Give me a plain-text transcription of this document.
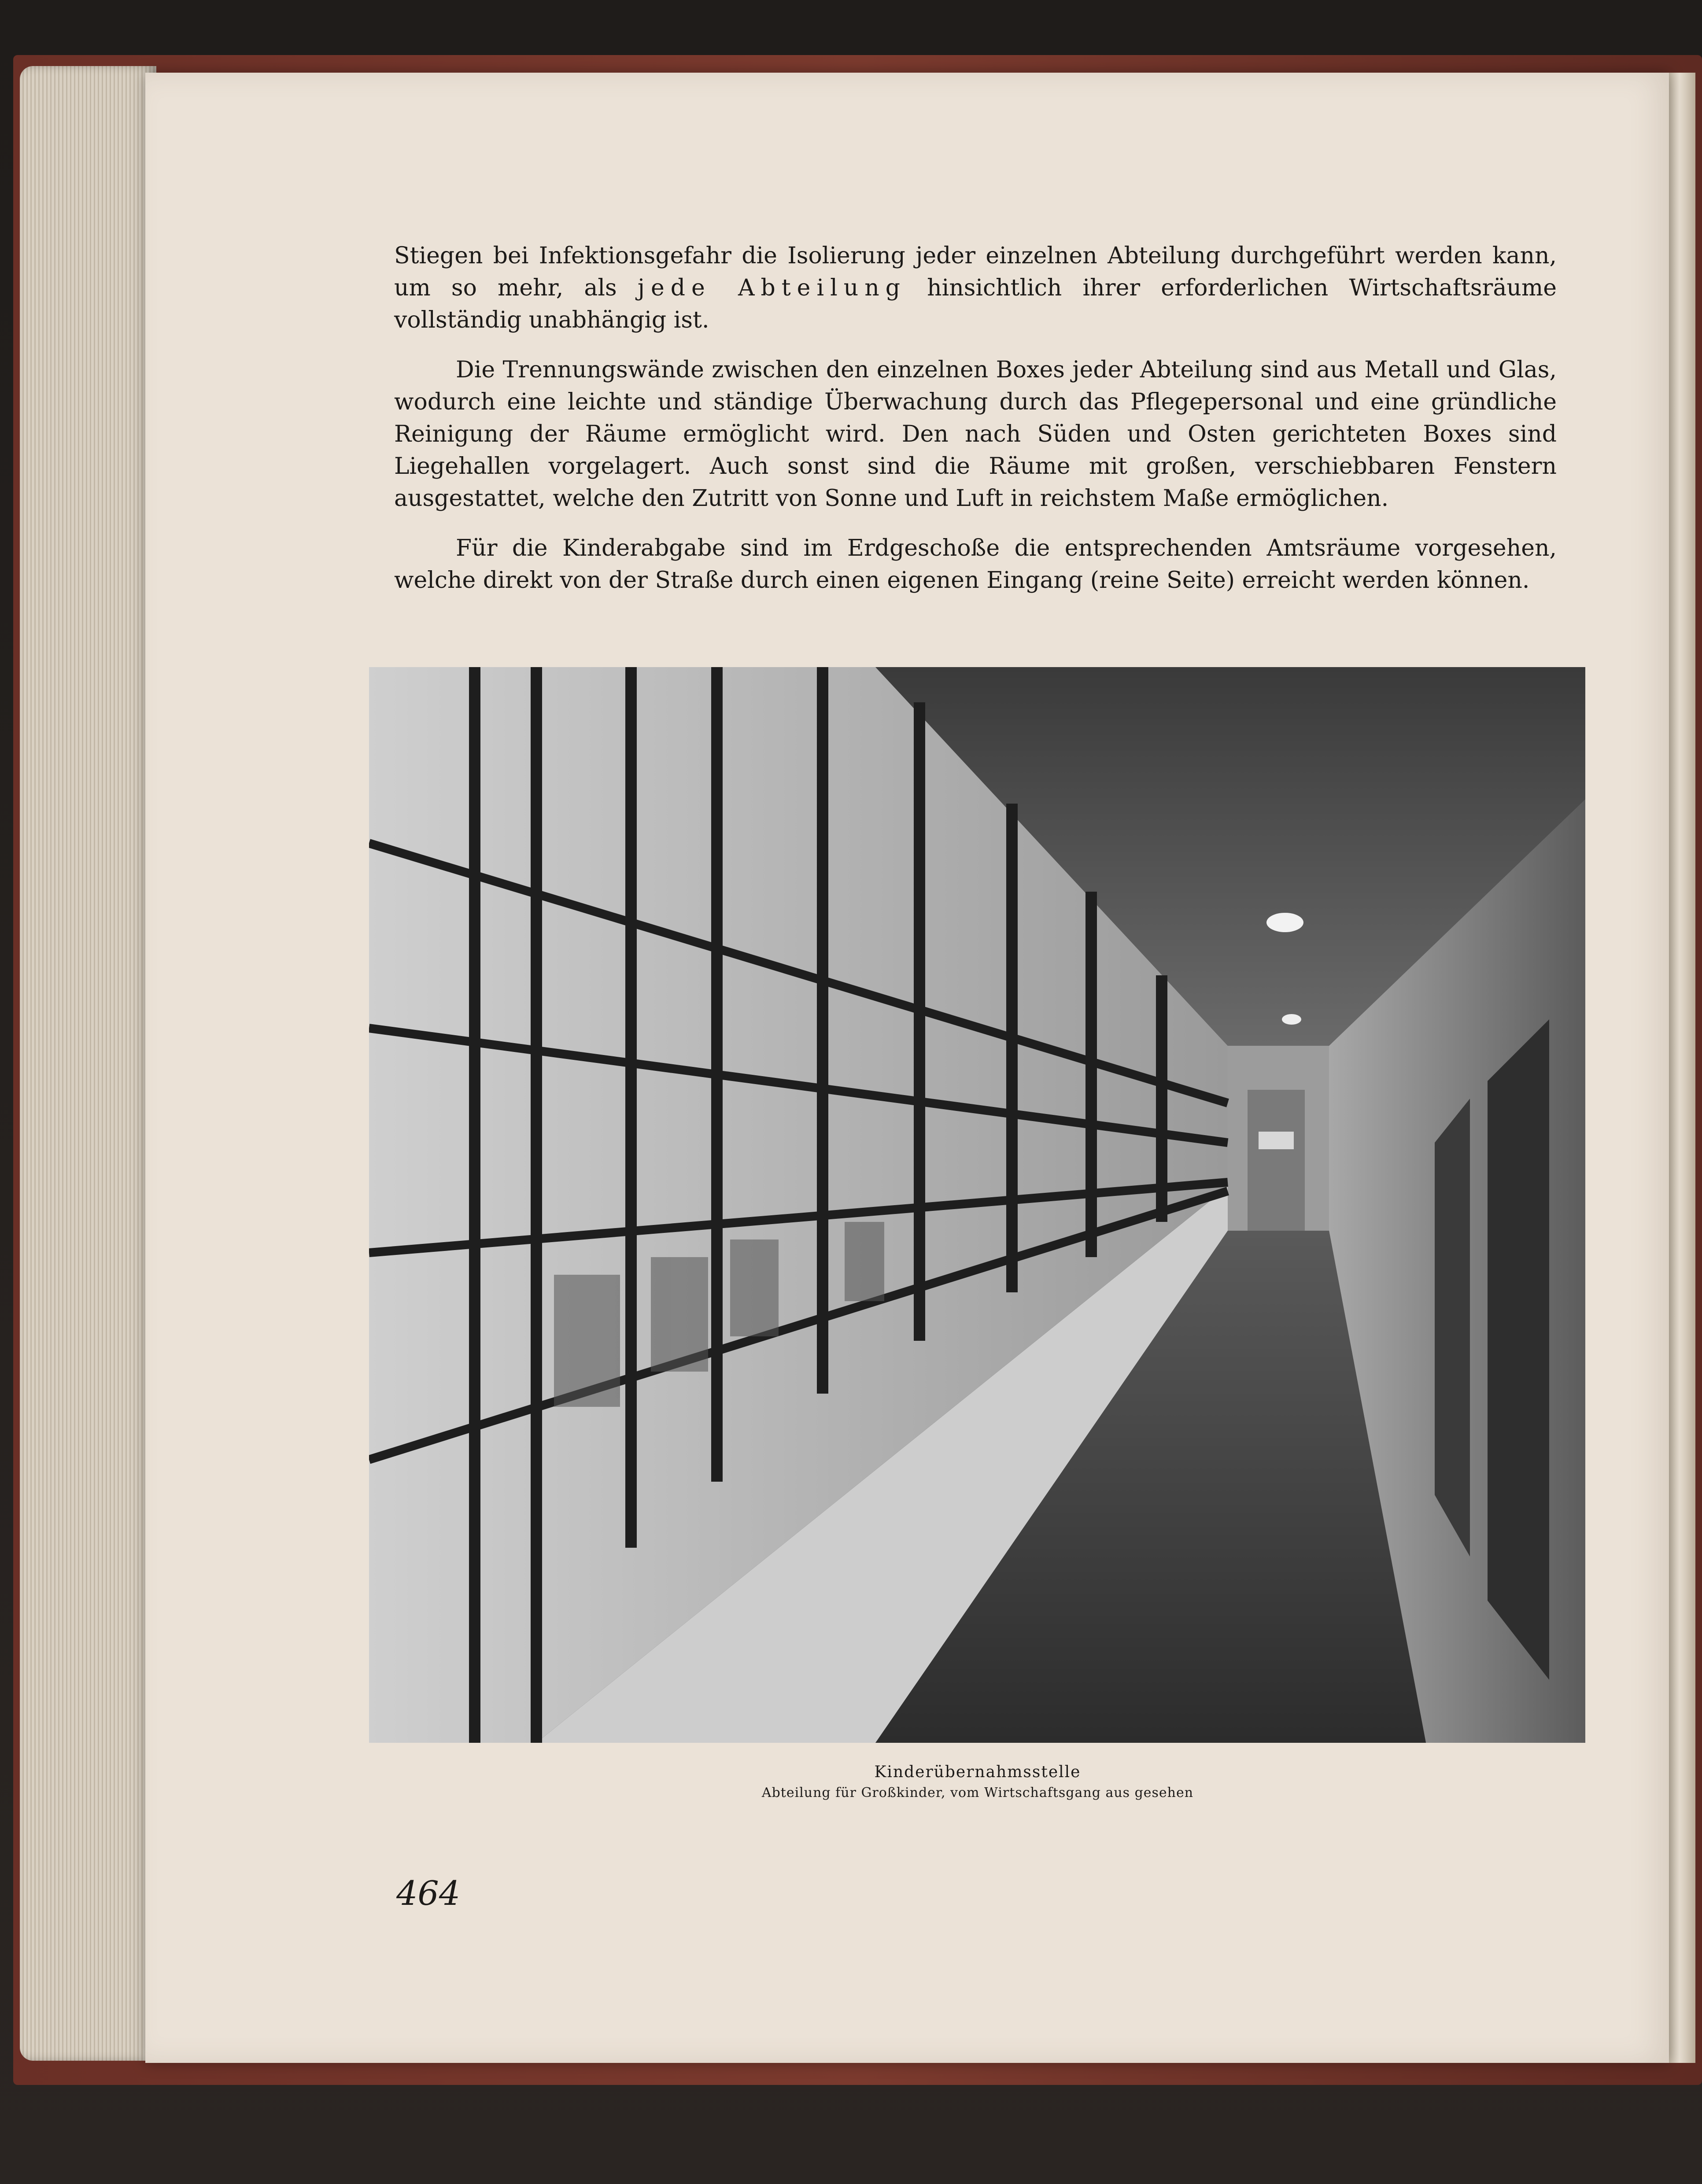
Stiegen bei Infektionsgefahr die Isolierung jeder einzelnen Abteilung durchgeführt werden kann, um so mehr, als jede Abteilung hinsichtlich ihrer erforderlichen Wirtschaftsräume vollständig unabhängig ist.

Die Trennungswände zwischen den einzelnen Boxes jeder Abteilung sind aus Metall und Glas, wodurch eine leichte und ständige Überwachung durch das Pflegepersonal und eine gründliche Reinigung der Räume ermöglicht wird. Den nach Süden und Osten gerichteten Boxes sind Liegehallen vorgelagert. Auch sonst sind die Räume mit großen, verschiebbaren Fenstern ausgestattet, welche den Zutritt von Sonne und Luft in reichstem Maße ermöglichen.

Für die Kinderabgabe sind im Erdgeschoße die entsprechenden Amtsräume vorgesehen, welche direkt von der Straße durch einen eigenen Eingang (reine Seite) erreicht werden können.

Kinderübernahmsstelle
Abteilung für Großkinder, vom Wirtschaftsgang aus gesehen
464
